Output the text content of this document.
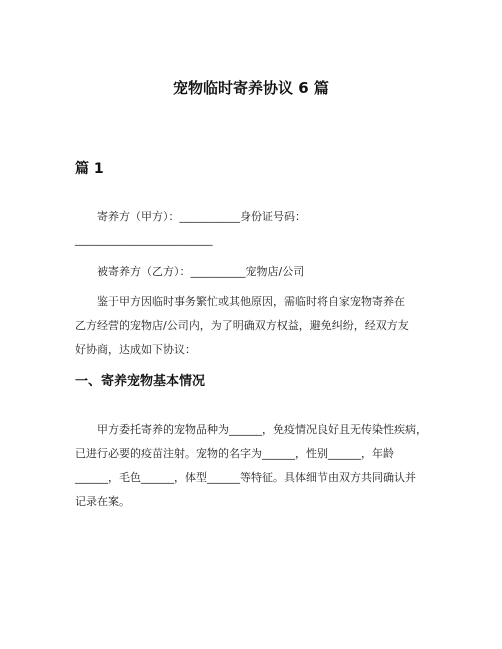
宠物临时寄养协议 6 篇
篇 1
寄养方（甲方）：___________身份证号码：
_________________________
被寄养方（乙方）：__________宠物店/公司
鉴于甲方因临时事务繁忙或其他原因，需临时将自家宠物寄养在
乙方经营的宠物店/公司内，为了明确双方权益，避免纠纷，经双方友
好协商，达成如下协议：
一、寄养宠物基本情况
甲方委托寄养的宠物品种为______，免疫情况良好且无传染性疾病，
已进行必要的疫苗注射。宠物的名字为______，性别______，年龄
______，毛色______，体型______等特征。具体细节由双方共同确认并
记录在案。
